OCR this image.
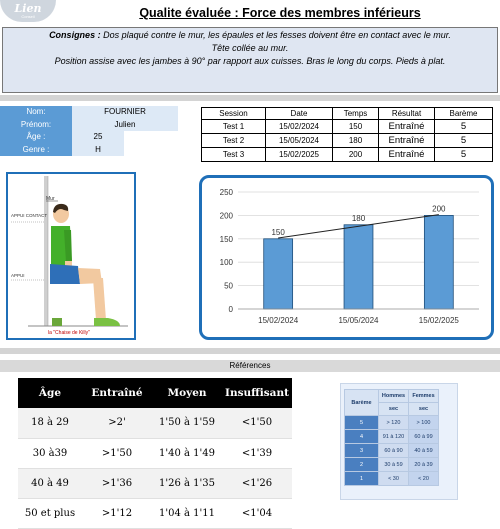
Lien
Conseil	Qualite évaluée : Force des membres inférieurs
Consignes : Dos plaqué contre le mur, les épaules et les fesses doivent être en contact avec le mur.
Tête collée au mur.
Position assise avec les jambes à 90° par rapport aux cuisses. Bras le long du corps. Pieds à plat.
Nom:	FOURNIER
Prénom:	Julien
Âge :	25
Genre :	H
Session	Date	Temps	Résultat	Barème
Test 1	15/02/2024	150	Entraîné	5
Test 2	15/05/2024	180	Entraîné	5
Test 3	15/02/2025	200	Entraîné	5
Mur
APPUI CONTACT
APPUI
la "Chaise de Killy"
0
50
100
150
200
250
150
15/02/2024
180
15/05/2024
200
15/02/2025
Références
Âge	Entraîné	Moyen	Insuffisant
18 à 29	>2'	1'50 à 1'59	<1'50
30 à39	>1'50	1'40 à 1'49	<1'39
40 à 49	>1'36	1'26 à 1'35	<1'26
50 et plus	>1'12	1'04 à 1'11	<1'04
Barème	Hommes	Femmes
	sec	sec
5	> 120	> 100
4	91 à 120	60 à 99
3	60 à 90	40 à 59
2	30 à 59	20 à 39
1	< 30	< 20
